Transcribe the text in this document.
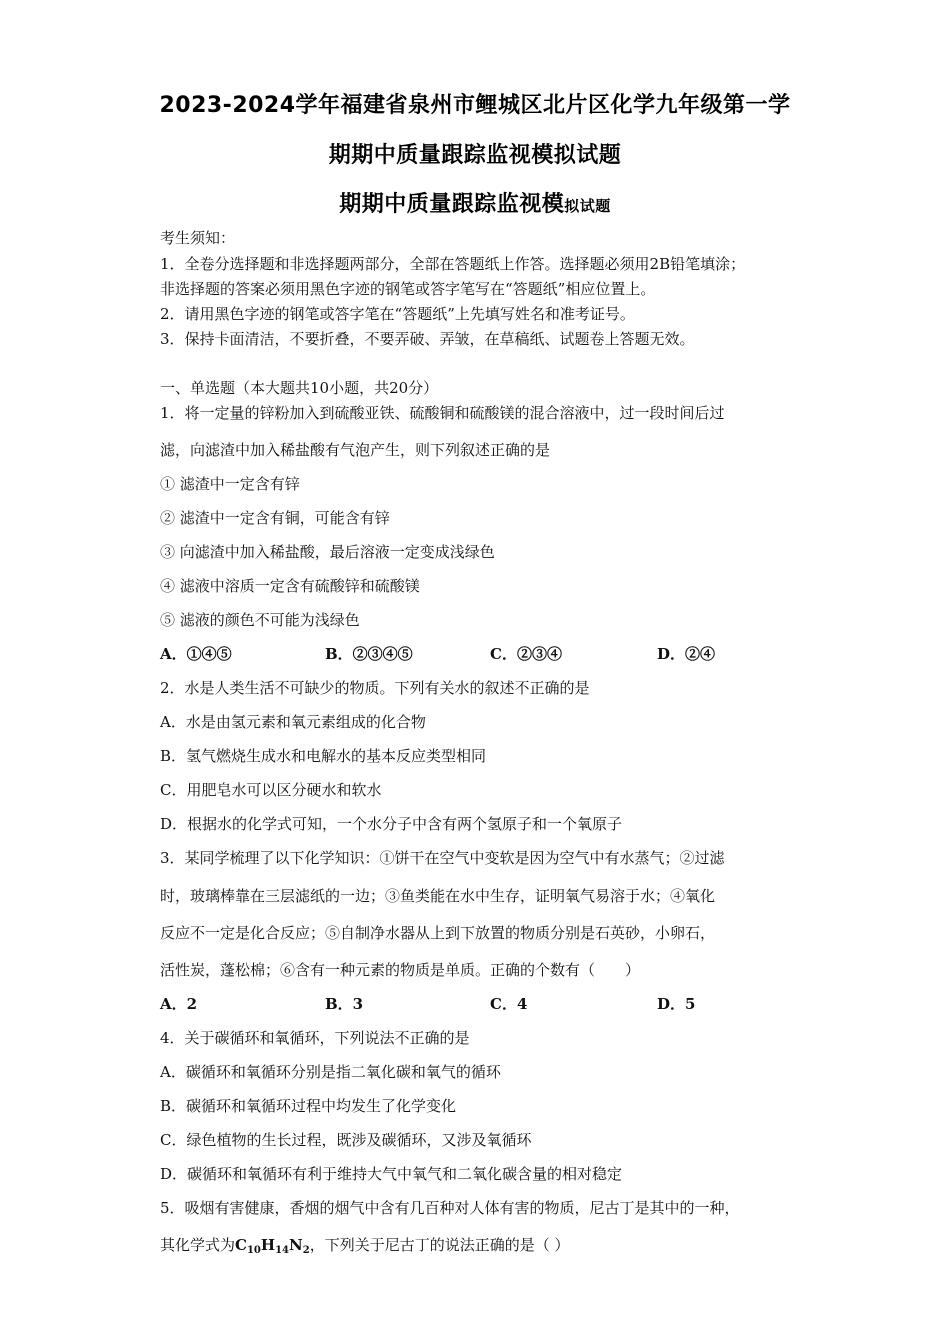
2023-2024学年福建省泉州市鲤城区北片区化学九年级第一学
期期中质量跟踪监视模拟试题
期期中质量跟踪监视模拟试题
考生须知：
1．全卷分选择题和非选择题两部分，全部在答题纸上作答。选择题必须用2B铅笔填涂；
非选择题的答案必须用黑色字迹的钢笔或答字笔写在“答题纸”相应位置上。
2．请用黑色字迹的钢笔或答字笔在“答题纸”上先填写姓名和准考证号。
3．保持卡面清洁，不要折叠，不要弄破、弄皱，在草稿纸、试题卷上答题无效。
一、单选题（本大题共10小题，共20分）
1．将一定量的锌粉加入到硫酸亚铁、硫酸铜和硫酸镁的混合溶液中，过一段时间后过
滤，向滤渣中加入稀盐酸有气泡产生，则下列叙述正确的是
① 滤渣中一定含有锌
② 滤渣中一定含有铜，可能含有锌
③ 向滤渣中加入稀盐酸，最后溶液一定变成浅绿色
④ 滤液中溶质一定含有硫酸锌和硫酸镁
⑤ 滤液的颜色不可能为浅绿色
A．①④⑤	B．②③④⑤	C．②③④	D．②④
2．水是人类生活不可缺少的物质。下列有关水的叙述不正确的是
A．水是由氢元素和氧元素组成的化合物
B．氢气燃烧生成水和电解水的基本反应类型相同
C．用肥皂水可以区分硬水和软水
D．根据水的化学式可知，一个水分子中含有两个氢原子和一个氧原子
3．某同学梳理了以下化学知识：①饼干在空气中变软是因为空气中有水蒸气；②过滤
时，玻璃棒靠在三层滤纸的一边；③鱼类能在水中生存，证明氧气易溶于水；④氧化
反应不一定是化合反应；⑤自制净水器从上到下放置的物质分别是石英砂，小卵石，
活性炭，蓬松棉；⑥含有一种元素的物质是单质。正确的个数有（　　）
A．2	B．3	C．4	D．5
4．关于碳循环和氧循环，下列说法不正确的是
A．碳循环和氧循环分别是指二氧化碳和氧气的循环
B．碳循环和氧循环过程中均发生了化学变化
C．绿色植物的生长过程，既涉及碳循环，又涉及氧循环
D．碳循环和氧循环有利于维持大气中氧气和二氧化碳含量的相对稳定
5．吸烟有害健康，香烟的烟气中含有几百种对人体有害的物质，尼古丁是其中的一种，
其化学式为$C_{10}H_{14}N_2$，下列关于尼古丁的说法正确的是（ ）
